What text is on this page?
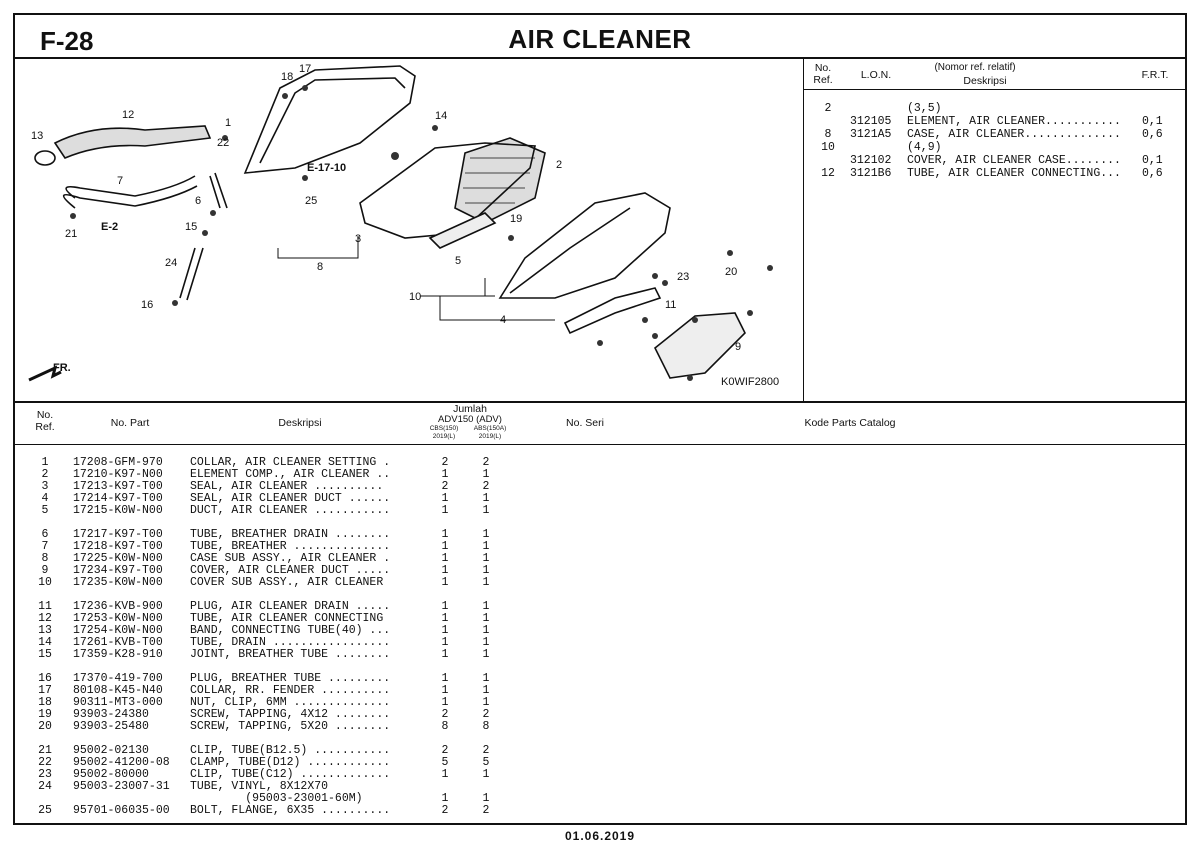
F-28	AIR CLEANER
No.
Ref.	L.O.N.
(Nomor ref. relatif)
Deskripsi	F.R.T.
2	(3,5)
312105 ELEMENT, AIR CLEANER........... 0,1
8	3121A5 CASE, AIR CLEANER.............. 0,6
10	(4,9)
312102 COVER, AIR CLEANER CASE........ 0,1
12	3121B6 TUBE, AIR CLEANER CONNECTING... 0,6
1
2
3
4
5
6
7
8
9
10
11
12
13
14
15
16
17
18
19
20
21
22
23
24
25
E-17-10
E-2
K0WIF2800
FR.
No.
Ref.	No. Part	Deskripsi
Jumlah
ADV150 (ADV)
CBS(150)
2019(L)
ABS(150A)
2019(L)
No. Seri	Kode Parts Catalog
1	17208-GFM-970 COLLAR, AIR CLEANER SETTING .	2	2
2	17210-K97-N00 ELEMENT COMP., AIR CLEANER ..	1	1
3	17213-K97-T00 SEAL, AIR CLEANER ..........	2	2
4	17214-K97-T00 SEAL, AIR CLEANER DUCT ......	1	1
5	17215-K0W-N00 DUCT, AIR CLEANER ...........	1	1
6	17217-K97-T00 TUBE, BREATHER DRAIN ........	1	1
7	17218-K97-T00 TUBE, BREATHER ..............	1	1
8	17225-K0W-N00 CASE SUB ASSY., AIR CLEANER .	1	1
9	17234-K97-T00 COVER, AIR CLEANER DUCT .....	1	1
10	17235-K0W-N00 COVER SUB ASSY., AIR CLEANER	1	1
11	17236-KVB-900 PLUG, AIR CLEANER DRAIN .....	1	1
12	17253-K0W-N00 TUBE, AIR CLEANER CONNECTING	1	1
13	17254-K0W-N00 BAND, CONNECTING TUBE(40) ...	1	1
14	17261-KVB-T00 TUBE, DRAIN .................	1	1
15	17359-K28-910 JOINT, BREATHER TUBE ........	1	1
16	17370-419-700 PLUG, BREATHER TUBE .........	1	1
17	80108-K45-N40 COLLAR, RR. FENDER ..........	1	1
18	90311-MT3-000 NUT, CLIP, 6MM ..............	1	1
19	93903-24380	SCREW, TAPPING, 4X12 ........	2	2
20	93903-25480	SCREW, TAPPING, 5X20 ........	8	8
21	95002-02130	CLIP, TUBE(B12.5) ...........	2	2
22	95002-41200-08 CLAMP, TUBE(D12) ............	5	5
23	95002-80000	CLIP, TUBE(C12) .............	1	1
24	95003-23007-31 TUBE, VINYL, 8X12X70
(95003-23001-60M)	1	1
25	95701-06035-00 BOLT, FLANGE, 6X35 ..........	2	2
01.06.2019
